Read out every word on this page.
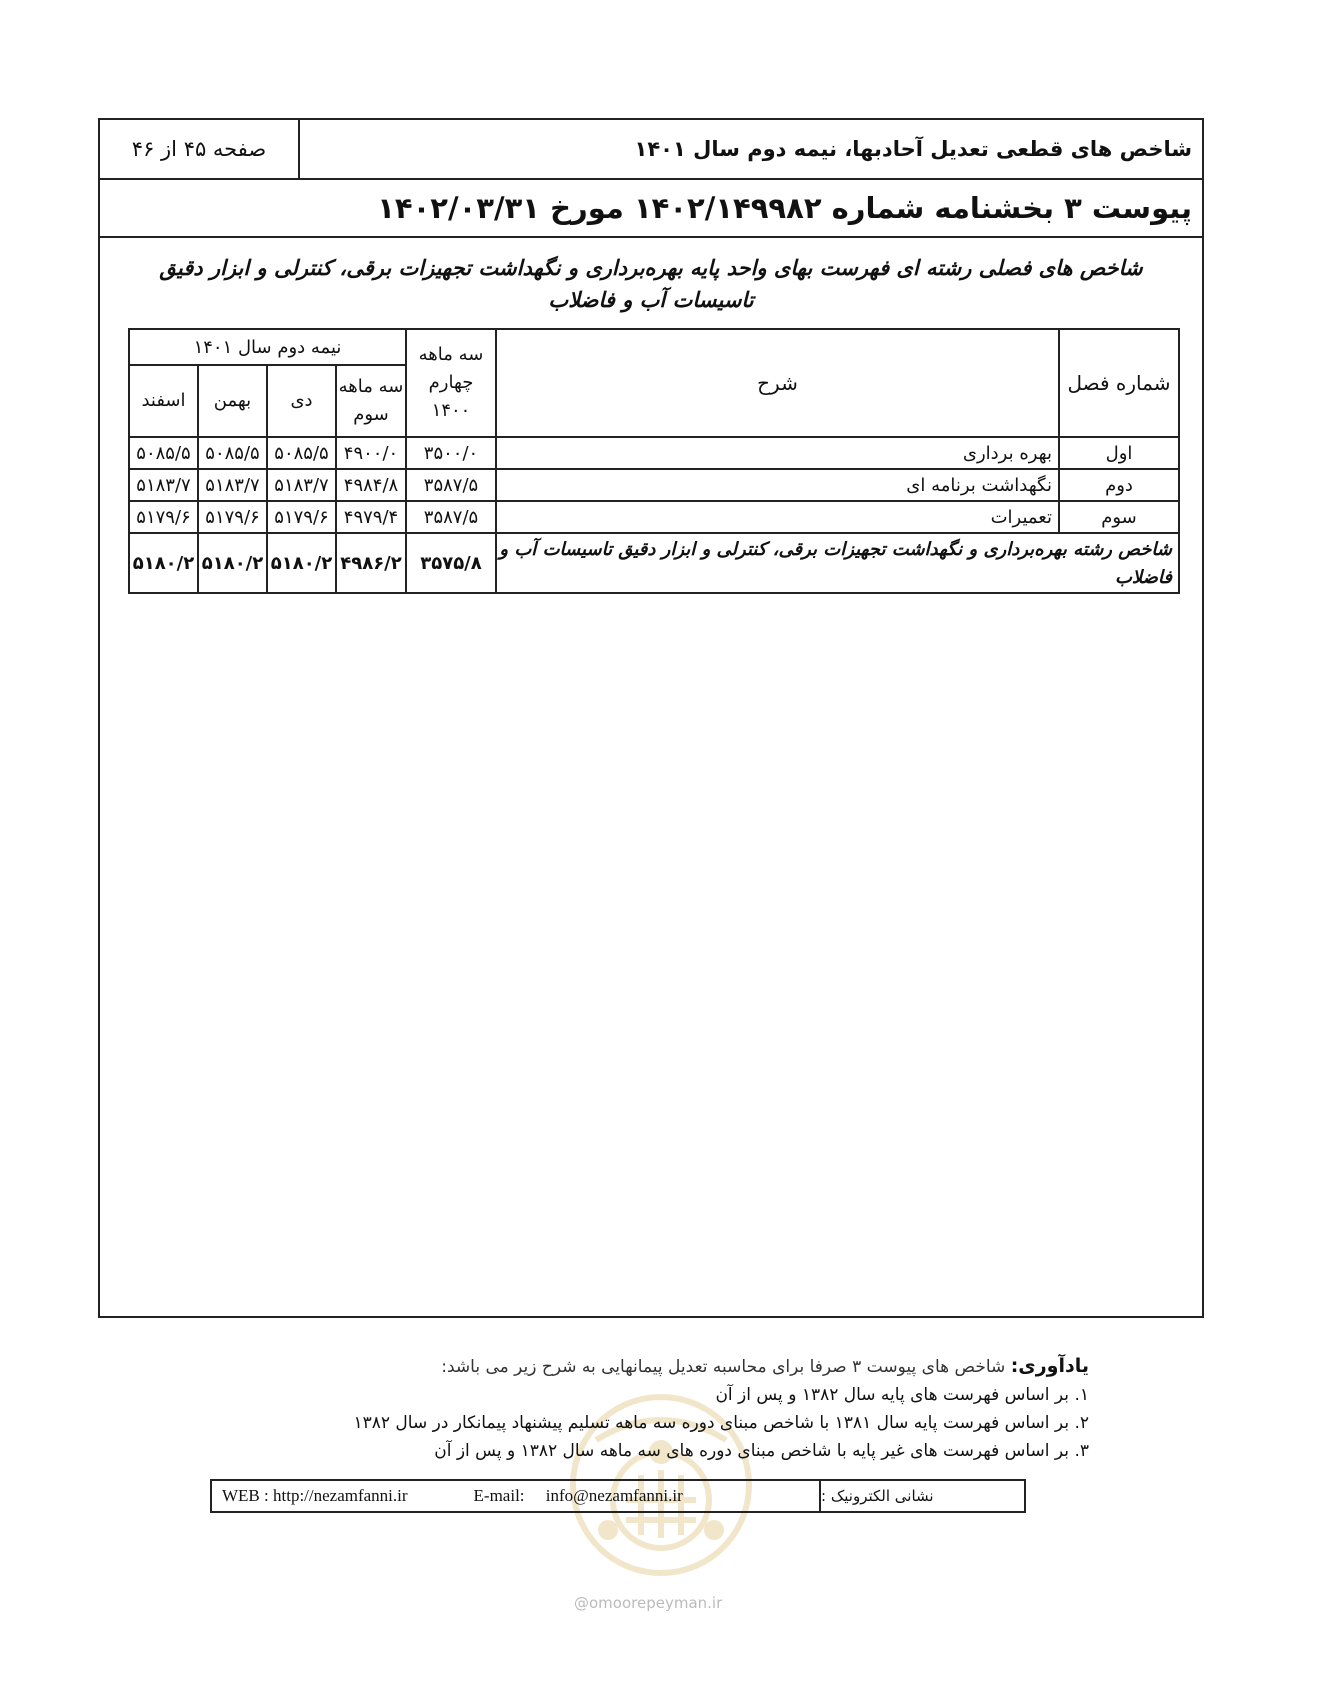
صفحه ۴۵ از ۴۶	شاخص های قطعی تعدیل آحادبها، نیمه دوم سال ۱۴۰۱
پیوست ۳ بخشنامه شماره ۱۴۰۲/۱۴۹۹۸۲ مورخ ۱۴۰۲/۰۳/۳۱
شاخص های فصلی رشته ای فهرست بهای واحد پایه بهره‌برداری و نگهداشت تجهیزات برقی، کنترلی و ابزار دقیق
تاسیسات آب و فاضلاب
شماره فصل	شرح	سه ماهه چهارم ۱۴۰۰	نیمه دوم سال ۱۴۰۱			
			سه ماهه سوم	دی	بهمن	اسفند
اول	بهره برداری	۳۵۰۰/۰	۴۹۰۰/۰	۵۰۸۵/۵	۵۰۸۵/۵	۵۰۸۵/۵
دوم	نگهداشت برنامه ای	۳۵۸۷/۵	۴۹۸۴/۸	۵۱۸۳/۷	۵۱۸۳/۷	۵۱۸۳/۷
سوم	تعمیرات	۳۵۸۷/۵	۴۹۷۹/۴	۵۱۷۹/۶	۵۱۷۹/۶	۵۱۷۹/۶
شاخص رشته بهره‌برداری و نگهداشت تجهیزات برقی، کنترلی و ابزار دقیق تاسیسات آب و فاضلاب		۳۵۷۵/۸	۴۹۸۶/۲	۵۱۸۰/۲	۵۱۸۰/۲	۵۱۸۰/۲
@omoorepeyman.ir
یادآوری: شاخص های پیوست ۳ صرفا برای محاسبه تعدیل پیمانهایی به شرح زیر می باشد:
۱. بر اساس فهرست های پایه سال ۱۳۸۲ و پس از آن
۲. بر اساس فهرست پایه سال ۱۳۸۱ با شاخص مبنای دوره سه ماهه تسلیم پیشنهاد پیمانکار در سال ۱۳۸۲
۳. بر اساس فهرست های غیر پایه با شاخص مبنای دوره های سه ماهه سال ۱۳۸۲ و پس از آن
WEB : http://nezamfanni.ir	E-mail: info@nezamfanni.ir	نشانی الکترونیک :
